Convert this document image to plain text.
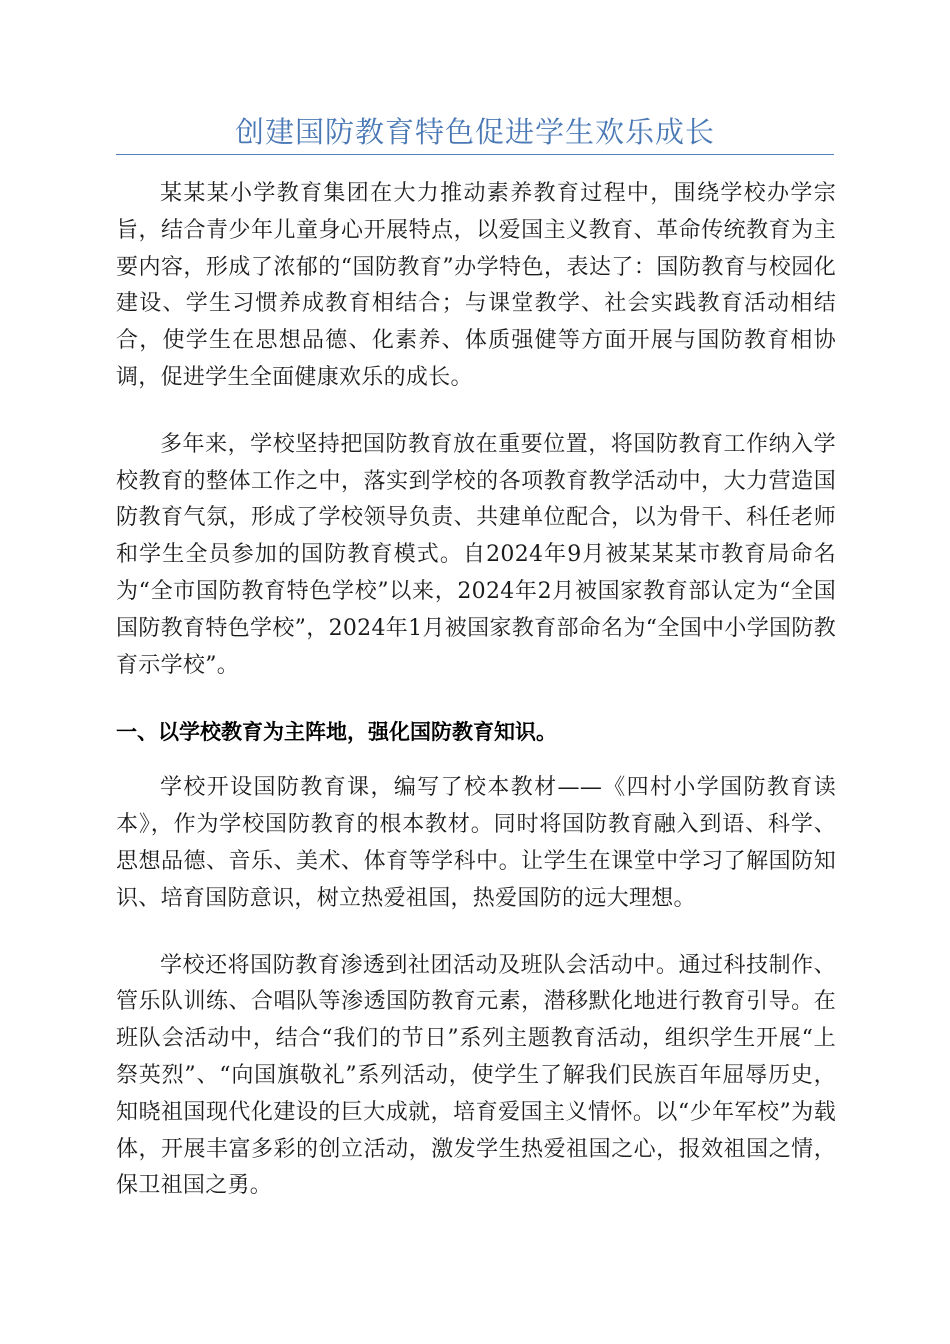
创建国防教育特色促进学生欢乐成长

某某某小学教育集团在大力推动素养教育过程中，围绕学校办学宗旨，结合青少年儿童身心开展特点，以爱国主义教育、革命传统教育为主要内容，形成了浓郁的“国防教育”办学特色，表达了：国防教育与校园化建设、学生习惯养成教育相结合；与课堂教学、社会实践教育活动相结合，使学生在思想品德、化素养、体质强健等方面开展与国防教育相协调，促进学生全面健康欢乐的成长。

多年来，学校坚持把国防教育放在重要位置，将国防教育工作纳入学校教育的整体工作之中，落实到学校的各项教育教学活动中，大力营造国防教育气氛，形成了学校领导负责、共建单位配合，以为骨干、科任老师和学生全员参加的国防教育模式。自2024年9月被某某某市教育局命名为“全市国防教育特色学校”以来，2024年2月被国家教育部认定为“全国国防教育特色学校”，2024年1月被国家教育部命名为“全国中小学国防教育示学校”。

一、以学校教育为主阵地，强化国防教育知识。

学校开设国防教育课，编写了校本教材——《四村小学国防教育读本》，作为学校国防教育的根本教材。同时将国防教育融入到语、科学、思想品德、音乐、美术、体育等学科中。让学生在课堂中学习了解国防知识、培育国防意识，树立热爱祖国，热爱国防的远大理想。

学校还将国防教育渗透到社团活动及班队会活动中。通过科技制作、管乐队训练、合唱队等渗透国防教育元素，潜移默化地进行教育引导。在班队会活动中，结合“我们的节日”系列主题教育活动，组织学生开展“上祭英烈”、“向国旗敬礼”系列活动，使学生了解我们民族百年屈辱历史，知晓祖国现代化建设的巨大成就，培育爱国主义情怀。以“少年军校”为载体，开展丰富多彩的创立活动，激发学生热爱祖国之心，报效祖国之情，保卫祖国之勇。
